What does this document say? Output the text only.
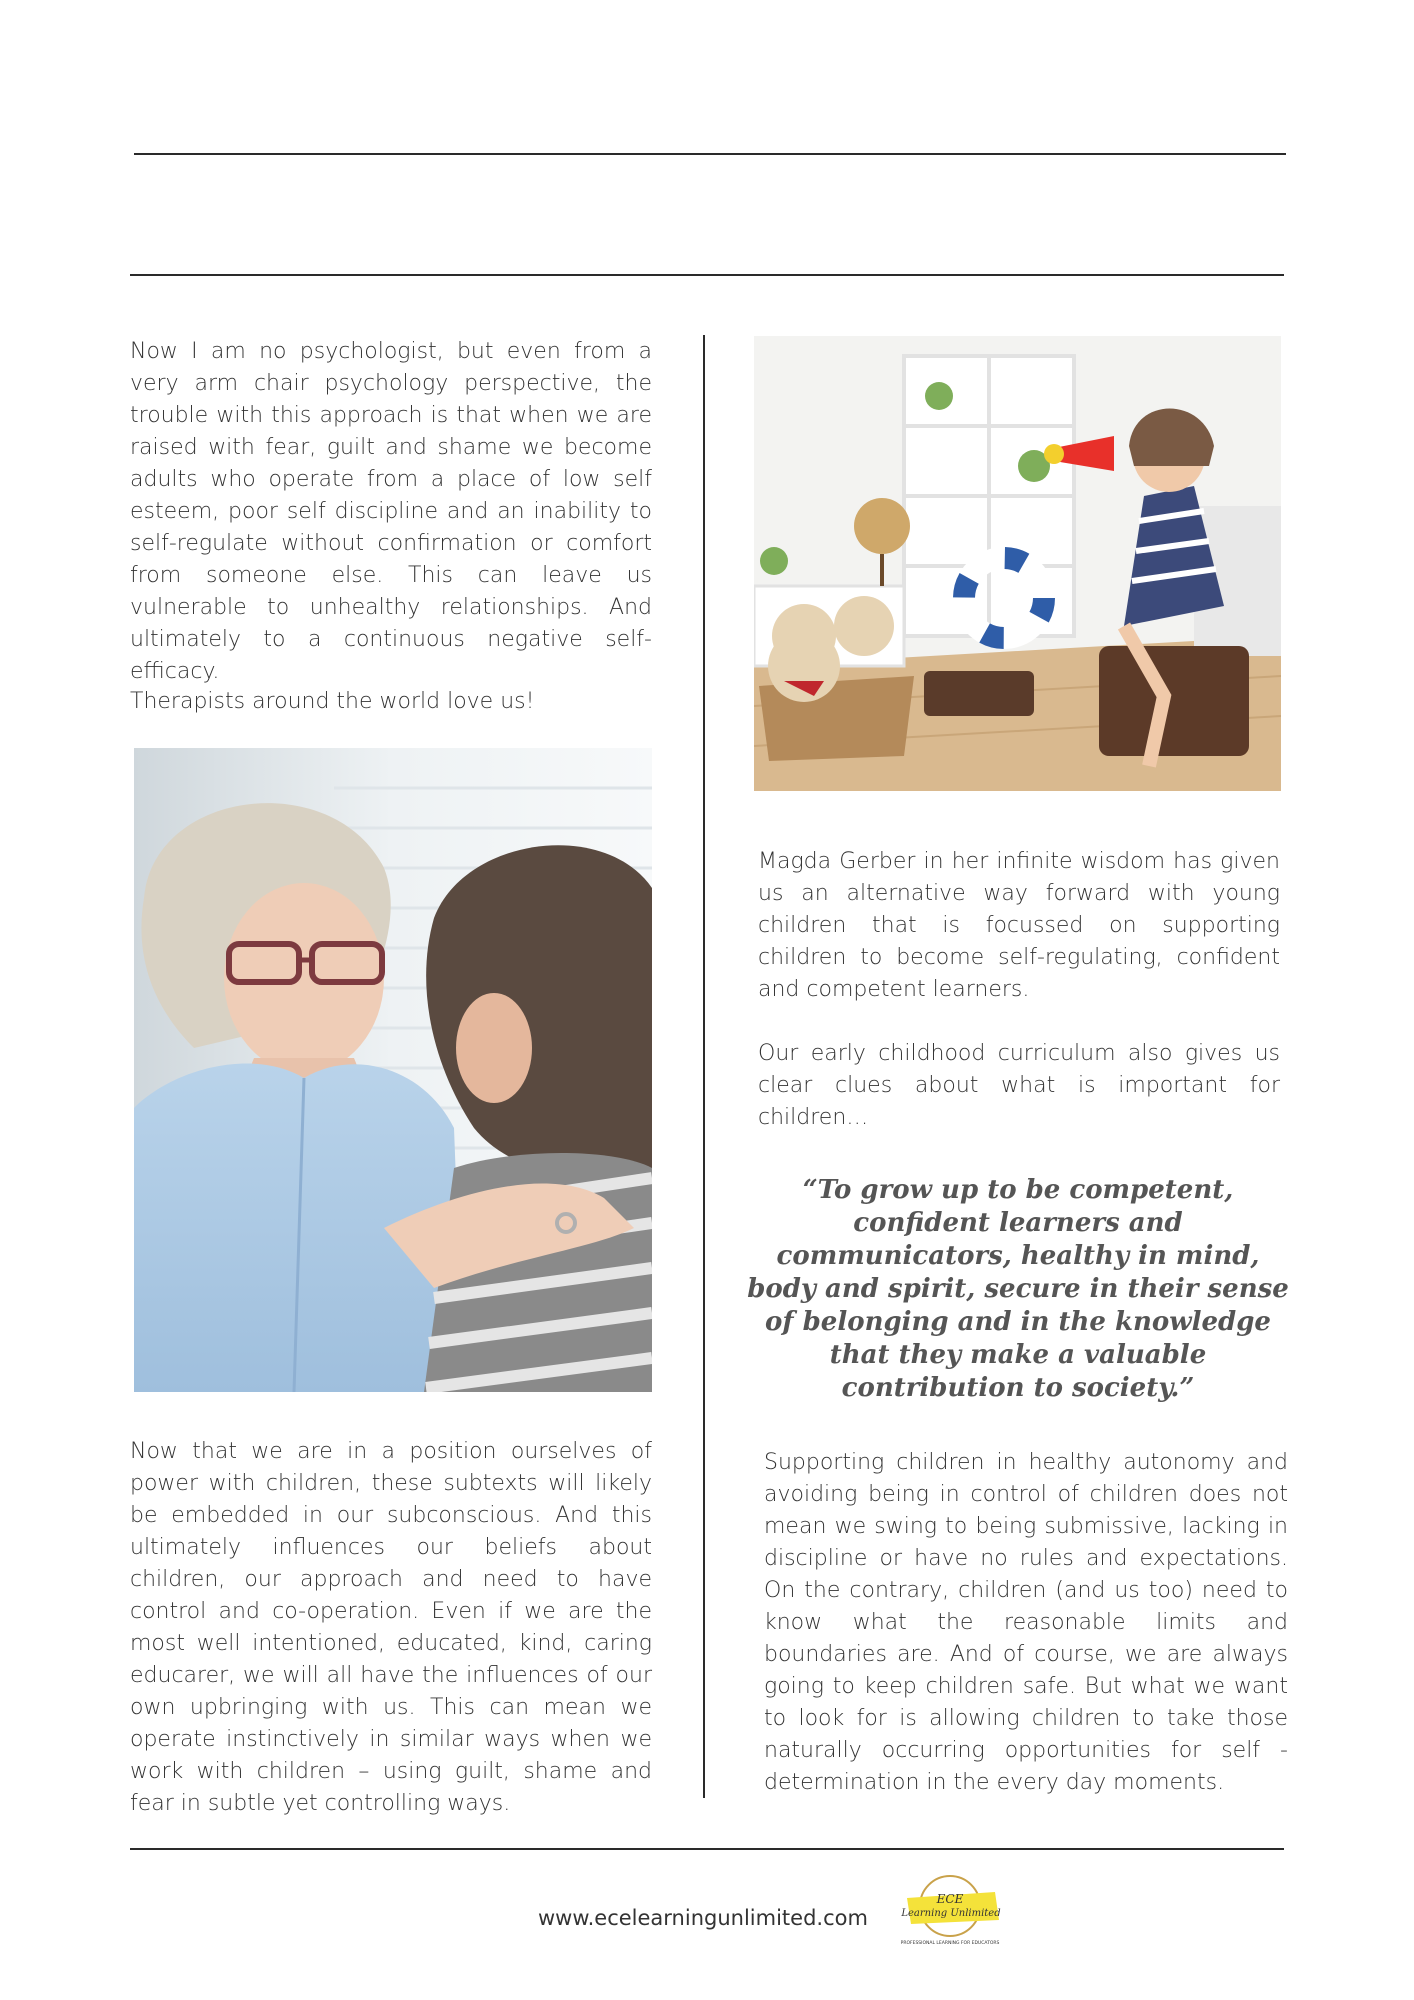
Now I am no psychologist, but even from a very arm chair psychology perspective, the trouble with this approach is that when we are raised with fear, guilt and shame we become adults who operate from a place of low self esteem, poor self discipline and an inability to self-regulate without confirmation or comfort from someone else. This can leave us vulnerable to unhealthy relationships. And ultimately to a continuous negative self-efficacy.

Therapists around the world love us!

Now that we are in a position ourselves of power with children, these subtexts will likely be embedded in our subconscious. And this ultimately influences our beliefs about children, our approach and need to have control and co-operation. Even if we are the most well intentioned, educated, kind, caring educarer, we will all have the influences of our own upbringing with us. This can mean we operate instinctively in similar ways when we work with children – using guilt, shame and fear in subtle yet controlling ways.

Magda Gerber in her infinite wisdom has given us an alternative way forward with young children that is focussed on supporting children to become self-regulating, confident and competent learners.

Our early childhood curriculum also gives us clear clues about what is important for children…

“To grow up to be competent, confident learners and communicators, healthy in mind, body and spirit, secure in their sense of belonging and in the knowledge that they make a valuable contribution to society.”

Supporting children in healthy autonomy and avoiding being in control of children does not mean we swing to being submissive, lacking in discipline or have no rules and expectations. On the contrary, children (and us too) need to know what the reasonable limits and boundaries are. And of course, we are always going to keep children safe. But what we want to look for is allowing children to take those naturally occurring opportunities for self -determination in the every day moments.

www.ecelearningunlimited.com
ECE
Learning Unlimited
PROFESSIONAL LEARNING FOR EDUCATORS
